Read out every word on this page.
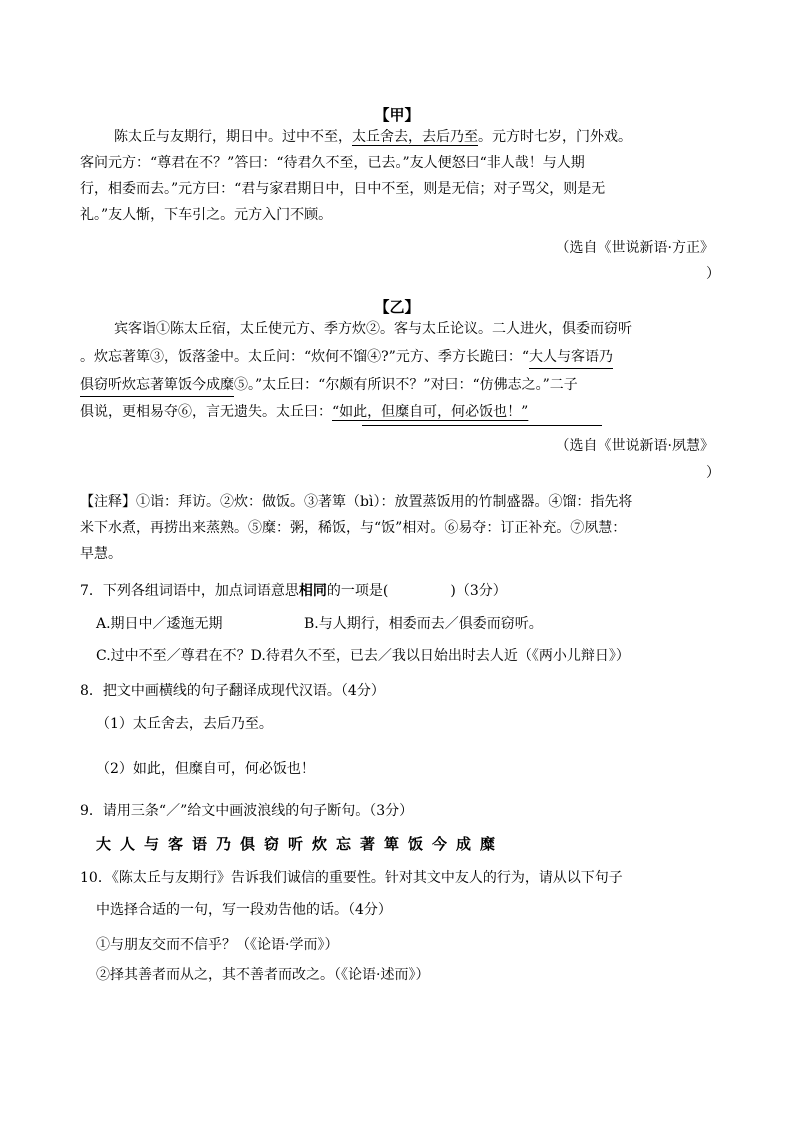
【甲】
陈太丘与友期行，期日中。过中不至，太丘舍去，去后乃至。元方时七岁，门外戏。
客问元方：“尊君在不？”答曰：“待君久不至，已去。”友人便怒曰“非人哉！与人期
行，相委而去。”元方曰：“君与家君期日中，日中不至，则是无信；对子骂父，则是无
礼。”友人惭，下车引之。元方入门不顾。
（选自《世说新语·方正》
）
【乙】
宾客诣①陈太丘宿，太丘使元方、季方炊②。客与太丘论议。二人进火，俱委而窃听
。炊忘著箄③，饭落釜中。太丘问：“炊何不馏④?”元方、季方长跪曰：“大人与客语乃
俱窃听炊忘著箄饭今成糜⑤。”太丘曰：“尔颇有所识不？”对曰：“仿佛志之。”二子
俱说，更相易夺⑥，言无遗失。太丘曰：“如此，但糜自可，何必饭也！”
（选自《世说新语·夙慧》
）
【注释】①诣：拜访。②炊：做饭。③著箄（bì）：放置蒸饭用的竹制盛器。④馏：指先将
米下水煮，再捞出来蒸熟。⑤糜：粥，稀饭，与“饭”相对。⑥易夺：订正补充。⑦夙慧：
早慧。
7．下列各组词语中，加点词语意思相同的一项是(	)（3分）
A.期日中／逶迤无期	B.与人期行，相委而去／俱委而窃听。
C.过中不至／尊君在不？D.待君久不至，已去／我以日始出时去人近（《两小儿辩日》）
8．把文中画横线的句子翻译成现代汉语。（4分）
（1）太丘舍去，去后乃至。
（2）如此，但糜自可，何必饭也！
9．请用三条“／”给文中画波浪线的句子断句。（3分）
大人与客语乃俱窃听炊忘著箄饭今成糜
10．《陈太丘与友期行》告诉我们诚信的重要性。针对其文中友人的行为，请从以下句子
中选择合适的一句，写一段劝告他的话。（4分）
①与朋友交而不信乎？（《论语·学而》）
②择其善者而从之，其不善者而改之。（《论语·述而》）
